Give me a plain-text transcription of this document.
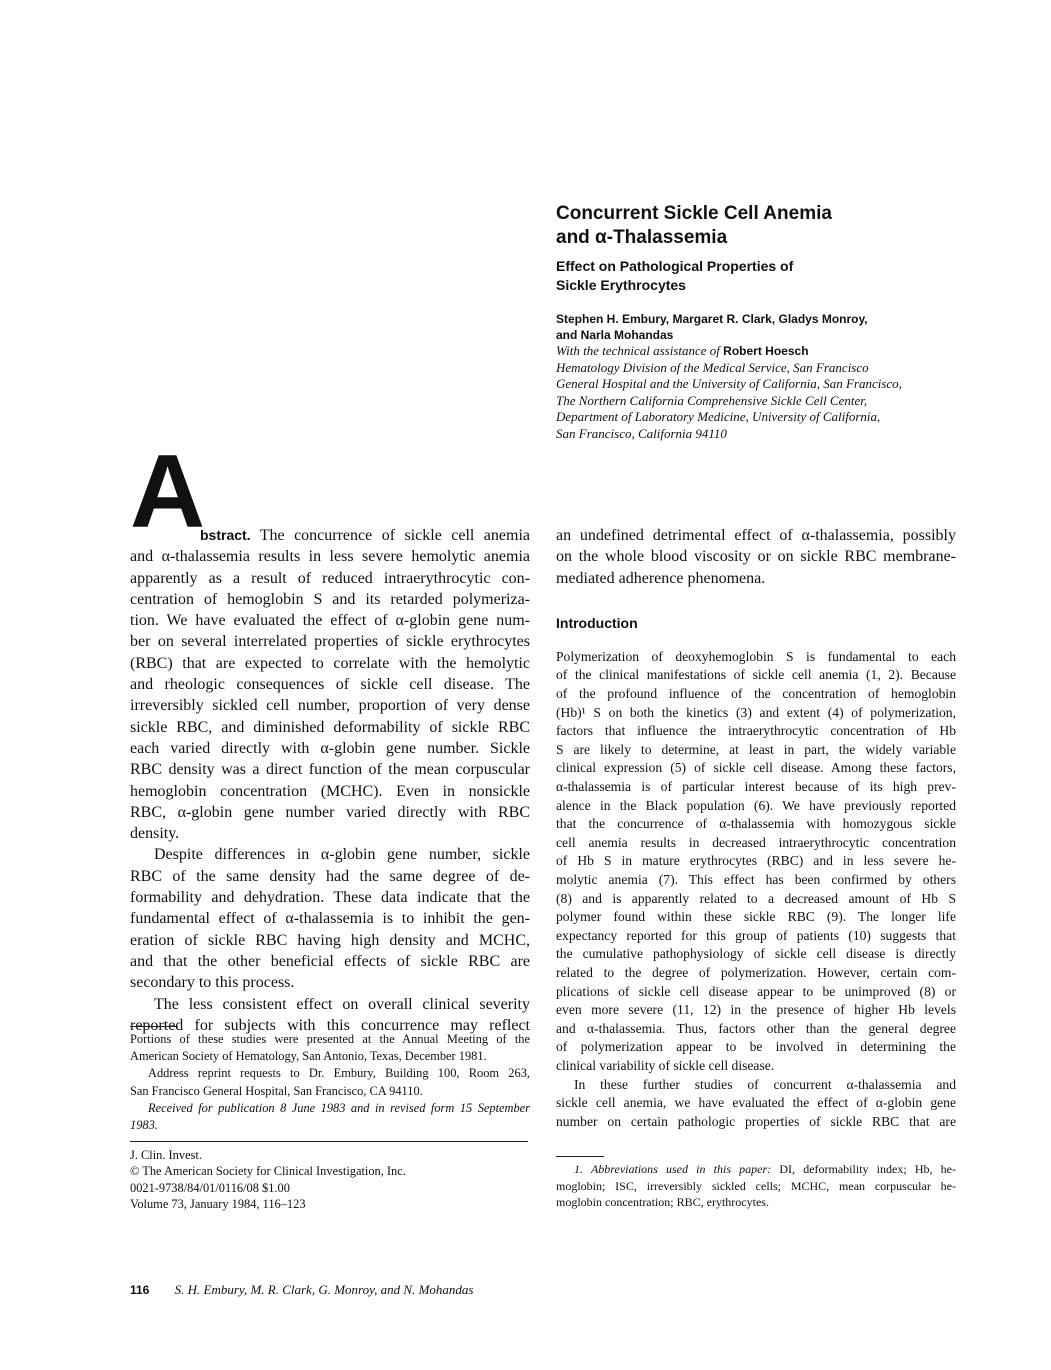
Concurrent Sickle Cell Anemia
and α-Thalassemia
Effect on Pathological Properties of
Sickle Erythrocytes
Stephen H. Embury, Margaret R. Clark, Gladys Monroy,
and Narla Mohandas
With the technical assistance of Robert Hoesch
Hematology Division of the Medical Service, San Francisco
General Hospital and the University of California, San Francisco,
The Northern California Comprehensive Sickle Cell Center,
Department of Laboratory Medicine, University of California,
San Francisco, California 94110
A
bstract. The concurrence of sickle cell anemia
and α-thalassemia results in less severe hemolytic anemia
apparently as a result of reduced intraerythrocytic con-
centration of hemoglobin S and its retarded polymeriza-
tion. We have evaluated the effect of α-globin gene num-
ber on several interrelated properties of sickle erythrocytes
(RBC) that are expected to correlate with the hemolytic
and rheologic consequences of sickle cell disease. The
irreversibly sickled cell number, proportion of very dense
sickle RBC, and diminished deformability of sickle RBC
each varied directly with α-globin gene number. Sickle
RBC density was a direct function of the mean corpuscular
hemoglobin concentration (MCHC). Even in nonsickle
RBC, α-globin gene number varied directly with RBC
density.
Despite differences in α-globin gene number, sickle
RBC of the same density had the same degree of de-
formability and dehydration. These data indicate that the
fundamental effect of α-thalassemia is to inhibit the gen-
eration of sickle RBC having high density and MCHC,
and that the other beneficial effects of sickle RBC are
secondary to this process.
The less consistent effect on overall clinical severity
reported for subjects with this concurrence may reflect
Portions of these studies were presented at the Annual Meeting of the
American Society of Hematology, San Antonio, Texas, December 1981.
Address reprint requests to Dr. Embury, Building 100, Room 263,
San Francisco General Hospital, San Francisco, CA 94110.
Received for publication 8 June 1983 and in revised form 15 September
1983.
J. Clin. Invest.
© The American Society for Clinical Investigation, Inc.
0021-9738/84/01/0116/08 $1.00
Volume 73, January 1984, 116–123
an undefined detrimental effect of α-thalassemia, possibly
on the whole blood viscosity or on sickle RBC membrane-
mediated adherence phenomena.
Introduction
Polymerization of deoxyhemoglobin S is fundamental to each
of the clinical manifestations of sickle cell anemia (1, 2). Because
of the profound influence of the concentration of hemoglobin
(Hb)¹ S on both the kinetics (3) and extent (4) of polymerization,
factors that influence the intraerythrocytic concentration of Hb
S are likely to determine, at least in part, the widely variable
clinical expression (5) of sickle cell disease. Among these factors,
α-thalassemia is of particular interest because of its high prev-
alence in the Black population (6). We have previously reported
that the concurrence of α-thalassemia with homozygous sickle
cell anemia results in decreased intraerythrocytic concentration
of Hb S in mature erythrocytes (RBC) and in less severe he-
molytic anemia (7). This effect has been confirmed by others
(8) and is apparently related to a decreased amount of Hb S
polymer found within these sickle RBC (9). The longer life
expectancy reported for this group of patients (10) suggests that
the cumulative pathophysiology of sickle cell disease is directly
related to the degree of polymerization. However, certain com-
plications of sickle cell disease appear to be unimproved (8) or
even more severe (11, 12) in the presence of higher Hb levels
and α-thalassemia. Thus, factors other than the general degree
of polymerization appear to be involved in determining the
clinical variability of sickle cell disease.
In these further studies of concurrent α-thalassemia and
sickle cell anemia, we have evaluated the effect of α-globin gene
number on certain pathologic properties of sickle RBC that are
1. Abbreviations used in this paper: DI, deformability index; Hb, he-
moglobin; ISC, irreversibly sickled cells; MCHC, mean corpuscular he-
moglobin concentration; RBC, erythrocytes.
116 S. H. Embury, M. R. Clark, G. Monroy, and N. Mohandas
